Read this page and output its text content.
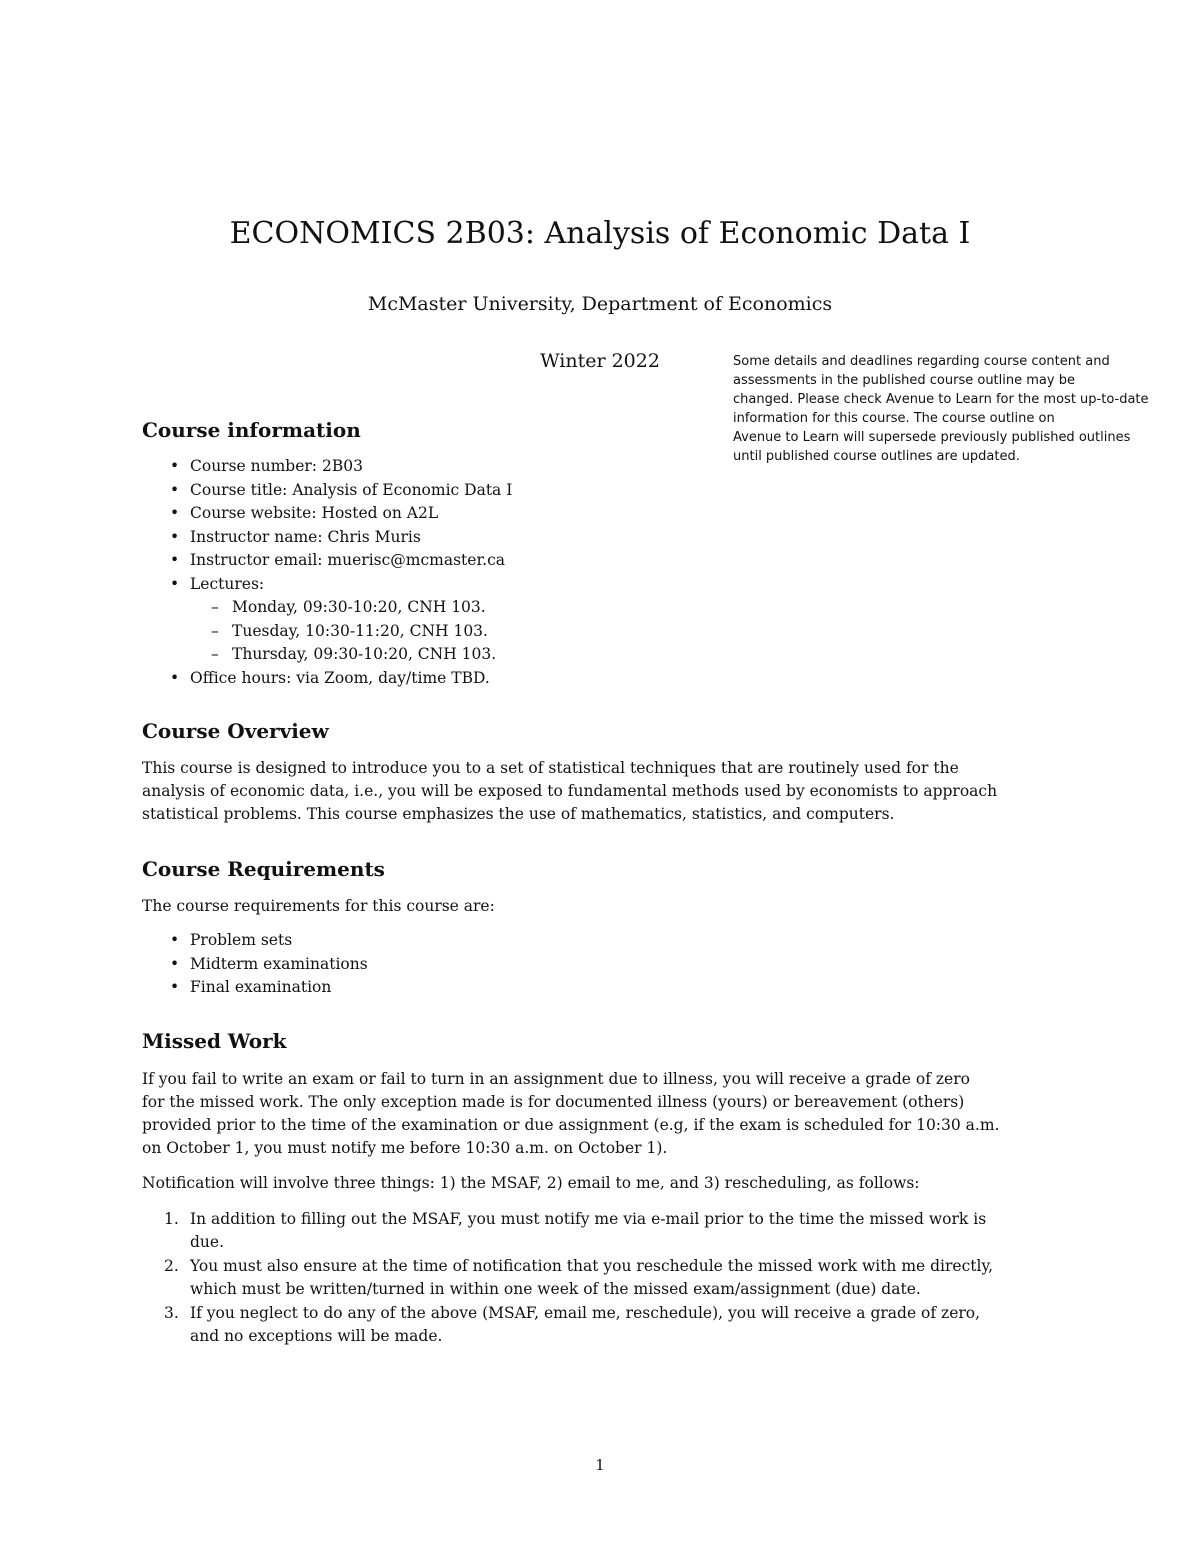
ECONOMICS 2B03: Analysis of Economic Data I
McMaster University, Department of Economics
Winter 2022	Some details and deadlines regarding course content and
assessments in the published course outline may be
changed. Please check Avenue to Learn for the most up-to-date
information for this course. The course outline on
Avenue to Learn will supersede previously published outlines
until published course outlines are updated.
Course information
• Course number: 2B03
• Course title: Analysis of Economic Data I
• Course website: Hosted on A2L
• Instructor name: Chris Muris
• Instructor email: muerisc@mcmaster.ca
• Lectures:
– Monday, 09:30-10:20, CNH 103.
– Tuesday, 10:30-11:20, CNH 103.
– Thursday, 09:30-10:20, CNH 103.
• Office hours: via Zoom, day/time TBD.
Course Overview
This course is designed to introduce you to a set of statistical techniques that are routinely used for the
analysis of economic data, i.e., you will be exposed to fundamental methods used by economists to approach
statistical problems. This course emphasizes the use of mathematics, statistics, and computers.
Course Requirements
The course requirements for this course are:
• Problem sets
• Midterm examinations
• Final examination
Missed Work
If you fail to write an exam or fail to turn in an assignment due to illness, you will receive a grade of zero
for the missed work. The only exception made is for documented illness (yours) or bereavement (others)
provided prior to the time of the examination or due assignment (e.g, if the exam is scheduled for 10:30 a.m.
on October 1, you must notify me before 10:30 a.m. on October 1).
Notification will involve three things: 1) the MSAF, 2) email to me, and 3) rescheduling, as follows:
1. In addition to filling out the MSAF, you must notify me via e-mail prior to the time the missed work is
due.
2. You must also ensure at the time of notification that you reschedule the missed work with me directly,
which must be written/turned in within one week of the missed exam/assignment (due) date.
3. If you neglect to do any of the above (MSAF, email me, reschedule), you will receive a grade of zero,
and no exceptions will be made.
1
